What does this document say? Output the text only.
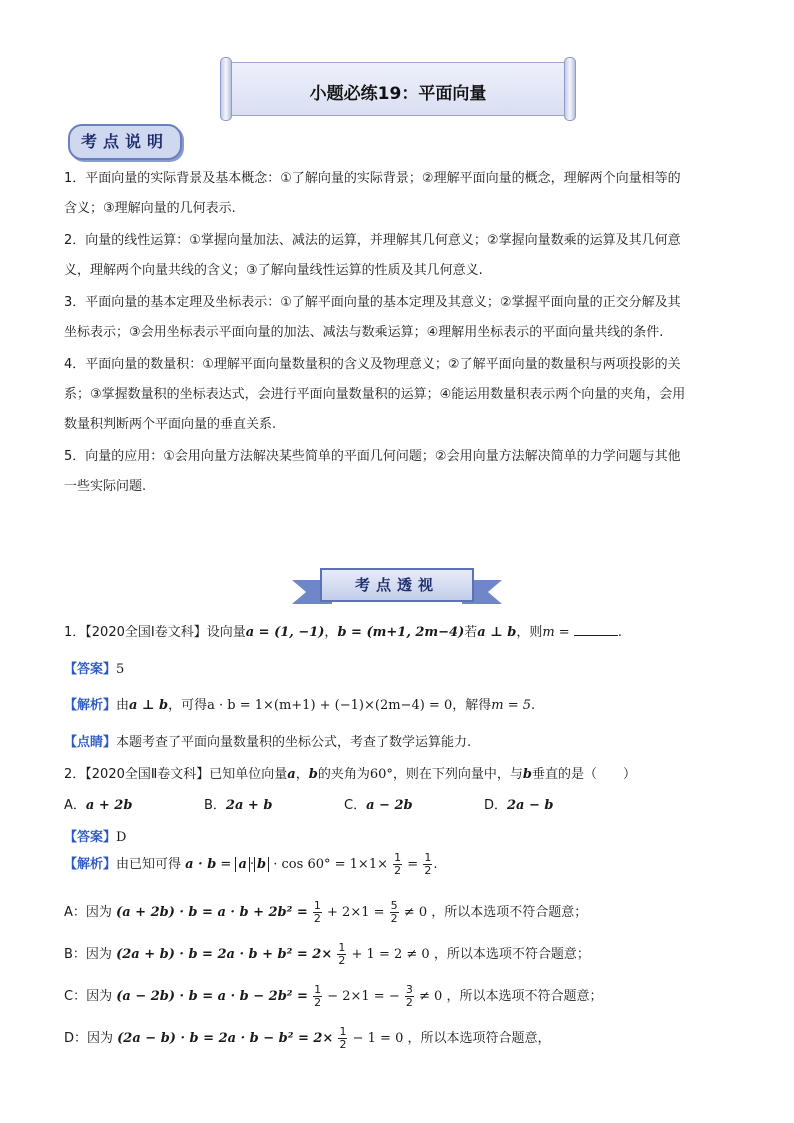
小题必练19：平面向量
考点说明
1．平面向量的实际背景及基本概念：①了解向量的实际背景；②理解平面向量的概念，理解两个向量相等的
含义；③理解向量的几何表示.
2．向量的线性运算：①掌握向量加法、减法的运算，并理解其几何意义；②掌握向量数乘的运算及其几何意
义，理解两个向量共线的含义；③了解向量线性运算的性质及其几何意义.
3．平面向量的基本定理及坐标表示：①了解平面向量的基本定理及其意义；②掌握平面向量的正交分解及其
坐标表示；③会用坐标表示平面向量的加法、减法与数乘运算；④理解用坐标表示的平面向量共线的条件.
4．平面向量的数量积：①理解平面向量数量积的含义及物理意义；②了解平面向量的数量积与两项投影的关
系；③掌握数量积的坐标表达式，会进行平面向量数量积的运算；④能运用数量积表示两个向量的夹角，会用
数量积判断两个平面向量的垂直关系.
5．向量的应用：①会用向量方法解决某些简单的平面几何问题；②会用向量方法解决简单的力学问题与其他
一些实际问题.
考点透视
1．【2020全国Ⅰ卷文科】设向量a = (1, −1)，b = (m+1, 2m−4)若a ⊥ b，则m =	.
【答案】5
【解析】由a ⊥ b，可得a · b = 1×(m+1) + (−1)×(2m−4) = 0，解得m = 5.
【点睛】本题考查了平面向量数量积的坐标公式，考查了数学运算能力.
2．【2020全国Ⅱ卷文科】已知单位向量a，b的夹角为60°，则在下列向量中，与b垂直的是（　　）
A．a + 2b	B．2a + b	C．a − 2b	D．2a − b
【答案】D
【解析】由已知可得 $a \cdot b = a \cdot b \cdot \cos 60^\circ = 1\times 1\times \frac{1}{2} = \frac{1}{2}$ .
A：因为 $(a + 2b) \cdot b = a \cdot b + 2b^2 = \frac{1}{2} + 2\times 1 = \frac{5}{2} \ne 0$ ，所以本选项不符合题意；
B：因为 $(2a + b) \cdot b = 2a \cdot b + b^2 = 2\times \frac{1}{2} + 1 = 2 \ne 0$ ，所以本选项不符合题意；
C：因为 $(a - 2b) \cdot b = a \cdot b - 2b^2 = \frac{1}{2} - 2\times 1$ = − $\frac{3}{2} \ne 0$ ，所以本选项不符合题意；
D：因为 $(2a - b) \cdot b = 2a \cdot b - b^2 = 2\times \frac{1}{2} - 1 = 0$ ，所以本选项符合题意，
